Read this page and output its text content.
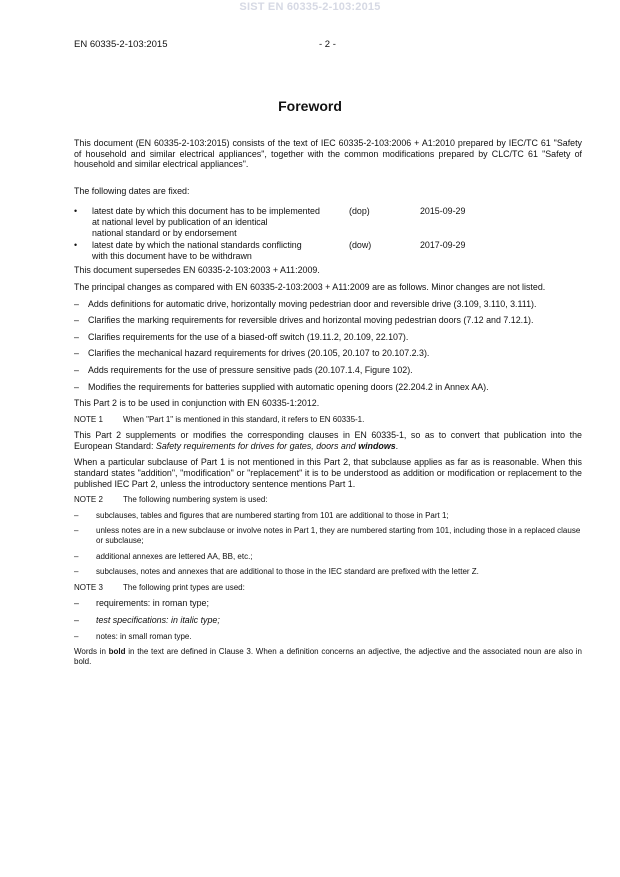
SIST EN 60335-2-103:2015
EN 60335-2-103:2015	- 2 -
Foreword

This document (EN 60335-2-103:2015) consists of the text of IEC 60335-2-103:2006 + A1:2010 prepared by IEC/TC 61 "Safety of household and similar electrical appliances", together with the common modifications prepared by CLC/TC 61 "Safety of household and similar electrical appliances".

The following dates are fixed:

•	latest date by which this document has to be implemented
at national level by publication of an identical
national standard or by endorsement
(dop)	2015-09-29
•	latest date by which the national standards conflicting
with this document have to be withdrawn
(dow)	2017-09-29

This document supersedes EN 60335-2-103:2003 + A11:2009.

The principal changes as compared with EN 60335-2-103:2003 + A11:2009 are as follows. Minor changes are not listed.

–	Adds definitions for automatic drive, horizontally moving pedestrian door and reversible drive (3.109, 3.110, 3.111).
–	Clarifies the marking requirements for reversible drives and horizontal moving pedestrian doors (7.12 and 7.12.1).
–	Clarifies requirements for the use of a biased-off switch (19.11.2, 20.109, 22.107).
–	Clarifies the mechanical hazard requirements for drives (20.105, 20.107 to 20.107.2.3).
–	Adds requirements for the use of pressure sensitive pads (20.107.1.4, Figure 102).
–	Modifies the requirements for batteries supplied with automatic opening doors (22.204.2 in Annex AA).

This Part 2 is to be used in conjunction with EN 60335-1:2012.

NOTE 1	When "Part 1" is mentioned in this standard, it refers to EN 60335-1.

This Part 2 supplements or modifies the corresponding clauses in EN 60335-1, so as to convert that publication into the European Standard: Safety requirements for drives for gates, doors and windows.

When a particular subclause of Part 1 is not mentioned in this Part 2, that subclause applies as far as is reasonable. When this standard states "addition", "modification" or "replacement" it is to be understood as addition or modification or replacement to the published IEC Part 2, unless the introductory sentence mentions Part 1.

NOTE 2	The following numbering system is used:
–	subclauses, tables and figures that are numbered starting from 101 are additional to those in Part 1;
–	unless notes are in a new subclause or involve notes in Part 1, they are numbered starting from 101, including those in a replaced clause or subclause;
–	additional annexes are lettered AA, BB, etc.;
–	subclauses, notes and annexes that are additional to those in the IEC standard are prefixed with the letter Z.
NOTE 3	The following print types are used:
–	requirements: in roman type;
–	test specifications: in italic type;
–	notes: in small roman type.

Words in bold in the text are defined in Clause 3. When a definition concerns an adjective, the adjective and the associated noun are also in bold.
